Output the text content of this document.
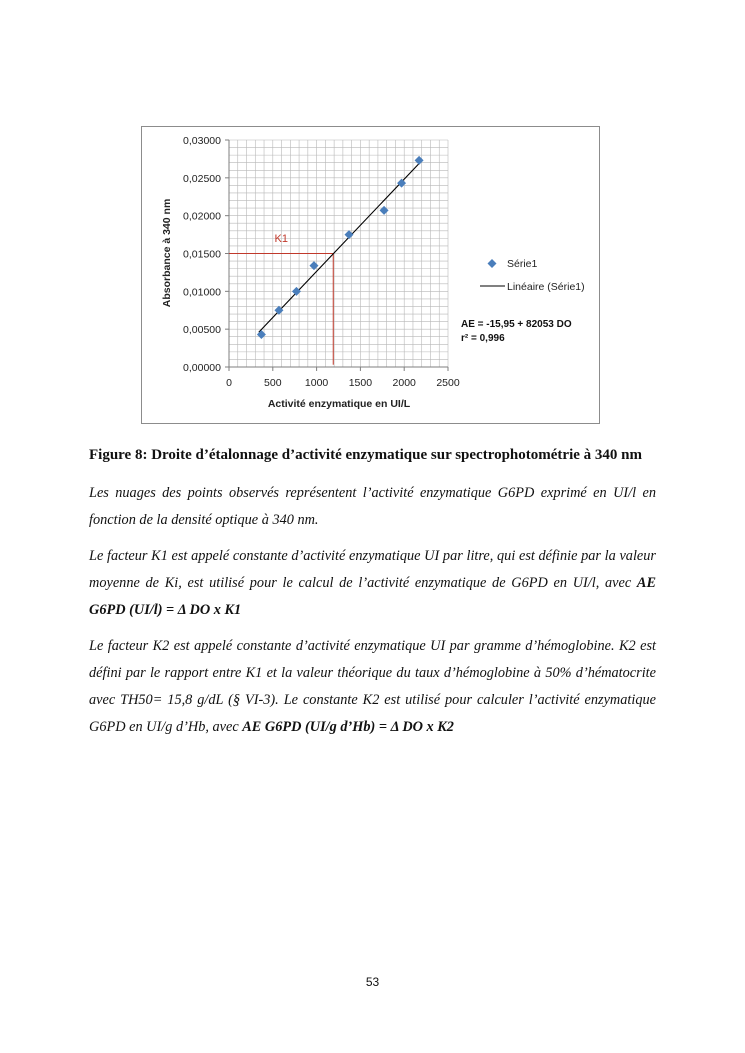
0	500 1000 1500 2000 2500
0,00000
0,00500
0,01000
0,01500
0,02000
0,02500
0,03000
K1
Activité enzymatique en UI/L
Absorbance à 340 nm	Série1
Linéaire (Série1)
AE = -15,95 + 82053 DO
r² = 0,996
Figure 8: Droite d’étalonnage d’activité enzymatique sur spectrophotométrie à 340 nm

Les nuages des points observés représentent l’activité enzymatique G6PD exprimé en UI/l en fonction de la densité optique à 340 nm.

Le facteur K1 est appelé constante d’activité enzymatique UI par litre, qui est définie par la valeur moyenne de Ki, est utilisé pour le calcul de l’activité enzymatique de G6PD en UI/l, avec AE G6PD (UI/l) = Δ DO x K1

Le facteur K2 est appelé constante d’activité enzymatique UI par gramme d’hémoglobine. K2 est défini par le rapport entre K1 et la valeur théorique du taux d’hémoglobine à 50% d’hématocrite avec TH50= 15,8 g/dL (§ VI-3). Le constante K2 est utilisé pour calculer l’activité enzymatique G6PD en UI/g d’Hb, avec AE G6PD (UI/g d’Hb) = Δ DO x K2

53
